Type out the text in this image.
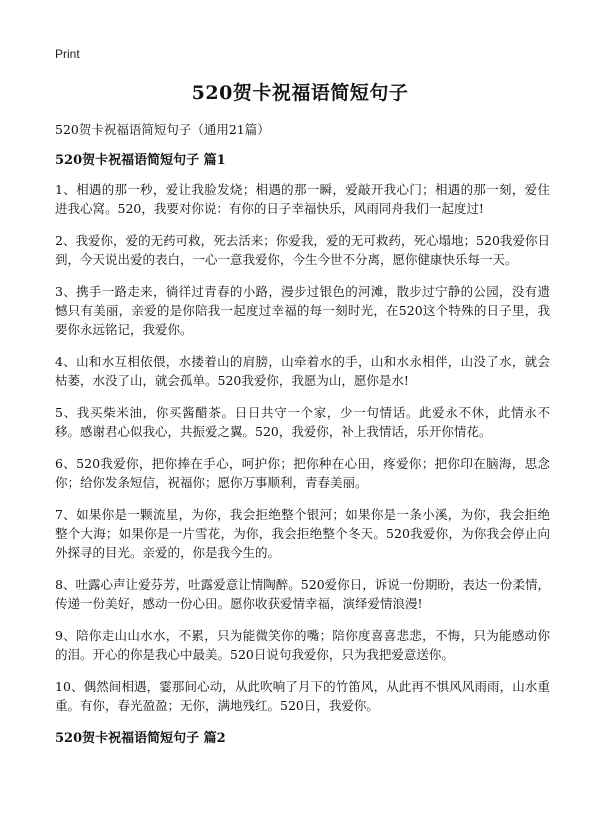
Print
520贺卡祝福语简短句子

520贺卡祝福语简短句子（通用21篇）

520贺卡祝福语简短句子 篇1

1、相遇的那一秒，爱让我脸发烧；相遇的那一瞬，爱敲开我心门；相遇的那一刻，爱住进我心窝。520，我要对你说：有你的日子幸福快乐，风雨同舟我们一起度过!

2、我爱你，爱的无药可救，死去活来；你爱我，爱的无可救药，死心塌地；520我爱你日到，今天说出爱的表白，一心一意我爱你，今生今世不分离，愿你健康快乐每一天。

3、携手一路走来，徜徉过青春的小路，漫步过银色的河滩，散步过宁静的公园，没有遗憾只有美丽，亲爱的是你陪我一起度过幸福的每一刻时光，在520这个特殊的日子里，我要你永远铭记，我爱你。

4、山和水互相依偎，水搂着山的肩膀，山牵着水的手，山和水永相伴，山没了水，就会枯萎，水没了山，就会孤单。520我爱你，我愿为山，愿你是水!

5、我买柴米油，你买酱醋茶。日日共守一个家，少一句情话。此爱永不休，此情永不移。感谢君心似我心，共振爱之翼。520，我爱你，补上我情话，乐开你情花。

6、520我爱你，把你捧在手心，呵护你；把你种在心田，疼爱你；把你印在脑海，思念你；给你发条短信，祝福你；愿你万事顺利，青春美丽。

7、如果你是一颗流星，为你，我会拒绝整个银河；如果你是一条小溪，为你，我会拒绝整个大海；如果你是一片雪花，为你，我会拒绝整个冬天。520我爱你，为你我会停止向外探寻的目光。亲爱的，你是我今生的。

8、吐露心声让爱芬芳，吐露爱意让情陶醉。520爱你日，诉说一份期盼，表达一份柔情，传递一份美好，感动一份心田。愿你收获爱情幸福，演绎爱情浪漫!

9、陪你走山山水水，不累，只为能微笑你的嘴；陪你度喜喜悲悲，不悔，只为能感动你的泪。开心的你是我心中最美。520日说句我爱你，只为我把爱意送你。

10、偶然间相遇，霎那间心动，从此吹响了月下的竹笛风，从此再不惧风风雨雨，山水重重。有你，春光盈盈；无你，满地残红。520日，我爱你。

520贺卡祝福语简短句子 篇2
